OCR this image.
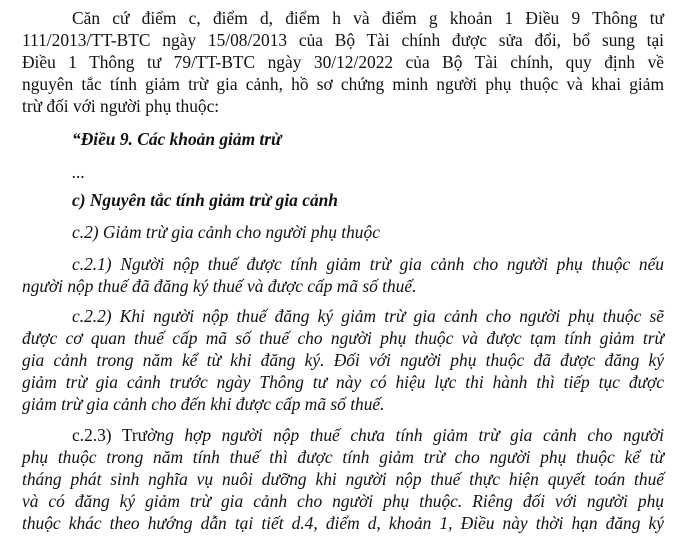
Căn cứ điểm c, điểm d, điểm h và điểm g khoản 1 Điều 9 Thông tư

111/2013/TT-BTC ngày 15/08/2013 của Bộ Tài chính được sửa đổi, bổ sung tại

Điều 1 Thông tư 79/TT-BTC ngày 30/12/2022 của Bộ Tài chính, quy định về

nguyên tắc tính giảm trừ gia cảnh, hồ sơ chứng minh người phụ thuộc và khai giảm

trừ đối với người phụ thuộc:

“Điều 9. Các khoản giảm trừ

...

c) Nguyên tắc tính giảm trừ gia cảnh

c.2) Giảm trừ gia cảnh cho người phụ thuộc

c.2.1) Người nộp thuế được tính giảm trừ gia cảnh cho người phụ thuộc nếu

người nộp thuế đã đăng ký thuế và được cấp mã số thuế.

c.2.2) Khi người nộp thuế đăng ký giảm trừ gia cảnh cho người phụ thuộc sẽ

được cơ quan thuế cấp mã số thuế cho người phụ thuộc và được tạm tính giảm trừ

gia cảnh trong năm kể từ khi đăng ký. Đối với người phụ thuộc đã được đăng ký

giảm trừ gia cảnh trước ngày Thông tư này có hiệu lực thi hành thì tiếp tục được

giảm trừ gia cảnh cho đến khi được cấp mã số thuế.

c.2.3) Trường hợp người nộp thuế chưa tính giảm trừ gia cảnh cho người

phụ thuộc trong năm tính thuế thì được tính giảm trừ cho người phụ thuộc kể từ

tháng phát sinh nghĩa vụ nuôi dưỡng khi người nộp thuế thực hiện quyết toán thuế

và có đăng ký giảm trừ gia cảnh cho người phụ thuộc. Riêng đối với người phụ

thuộc khác theo hướng dẫn tại tiết d.4, điểm d, khoản 1, Điều này thời hạn đăng ký
